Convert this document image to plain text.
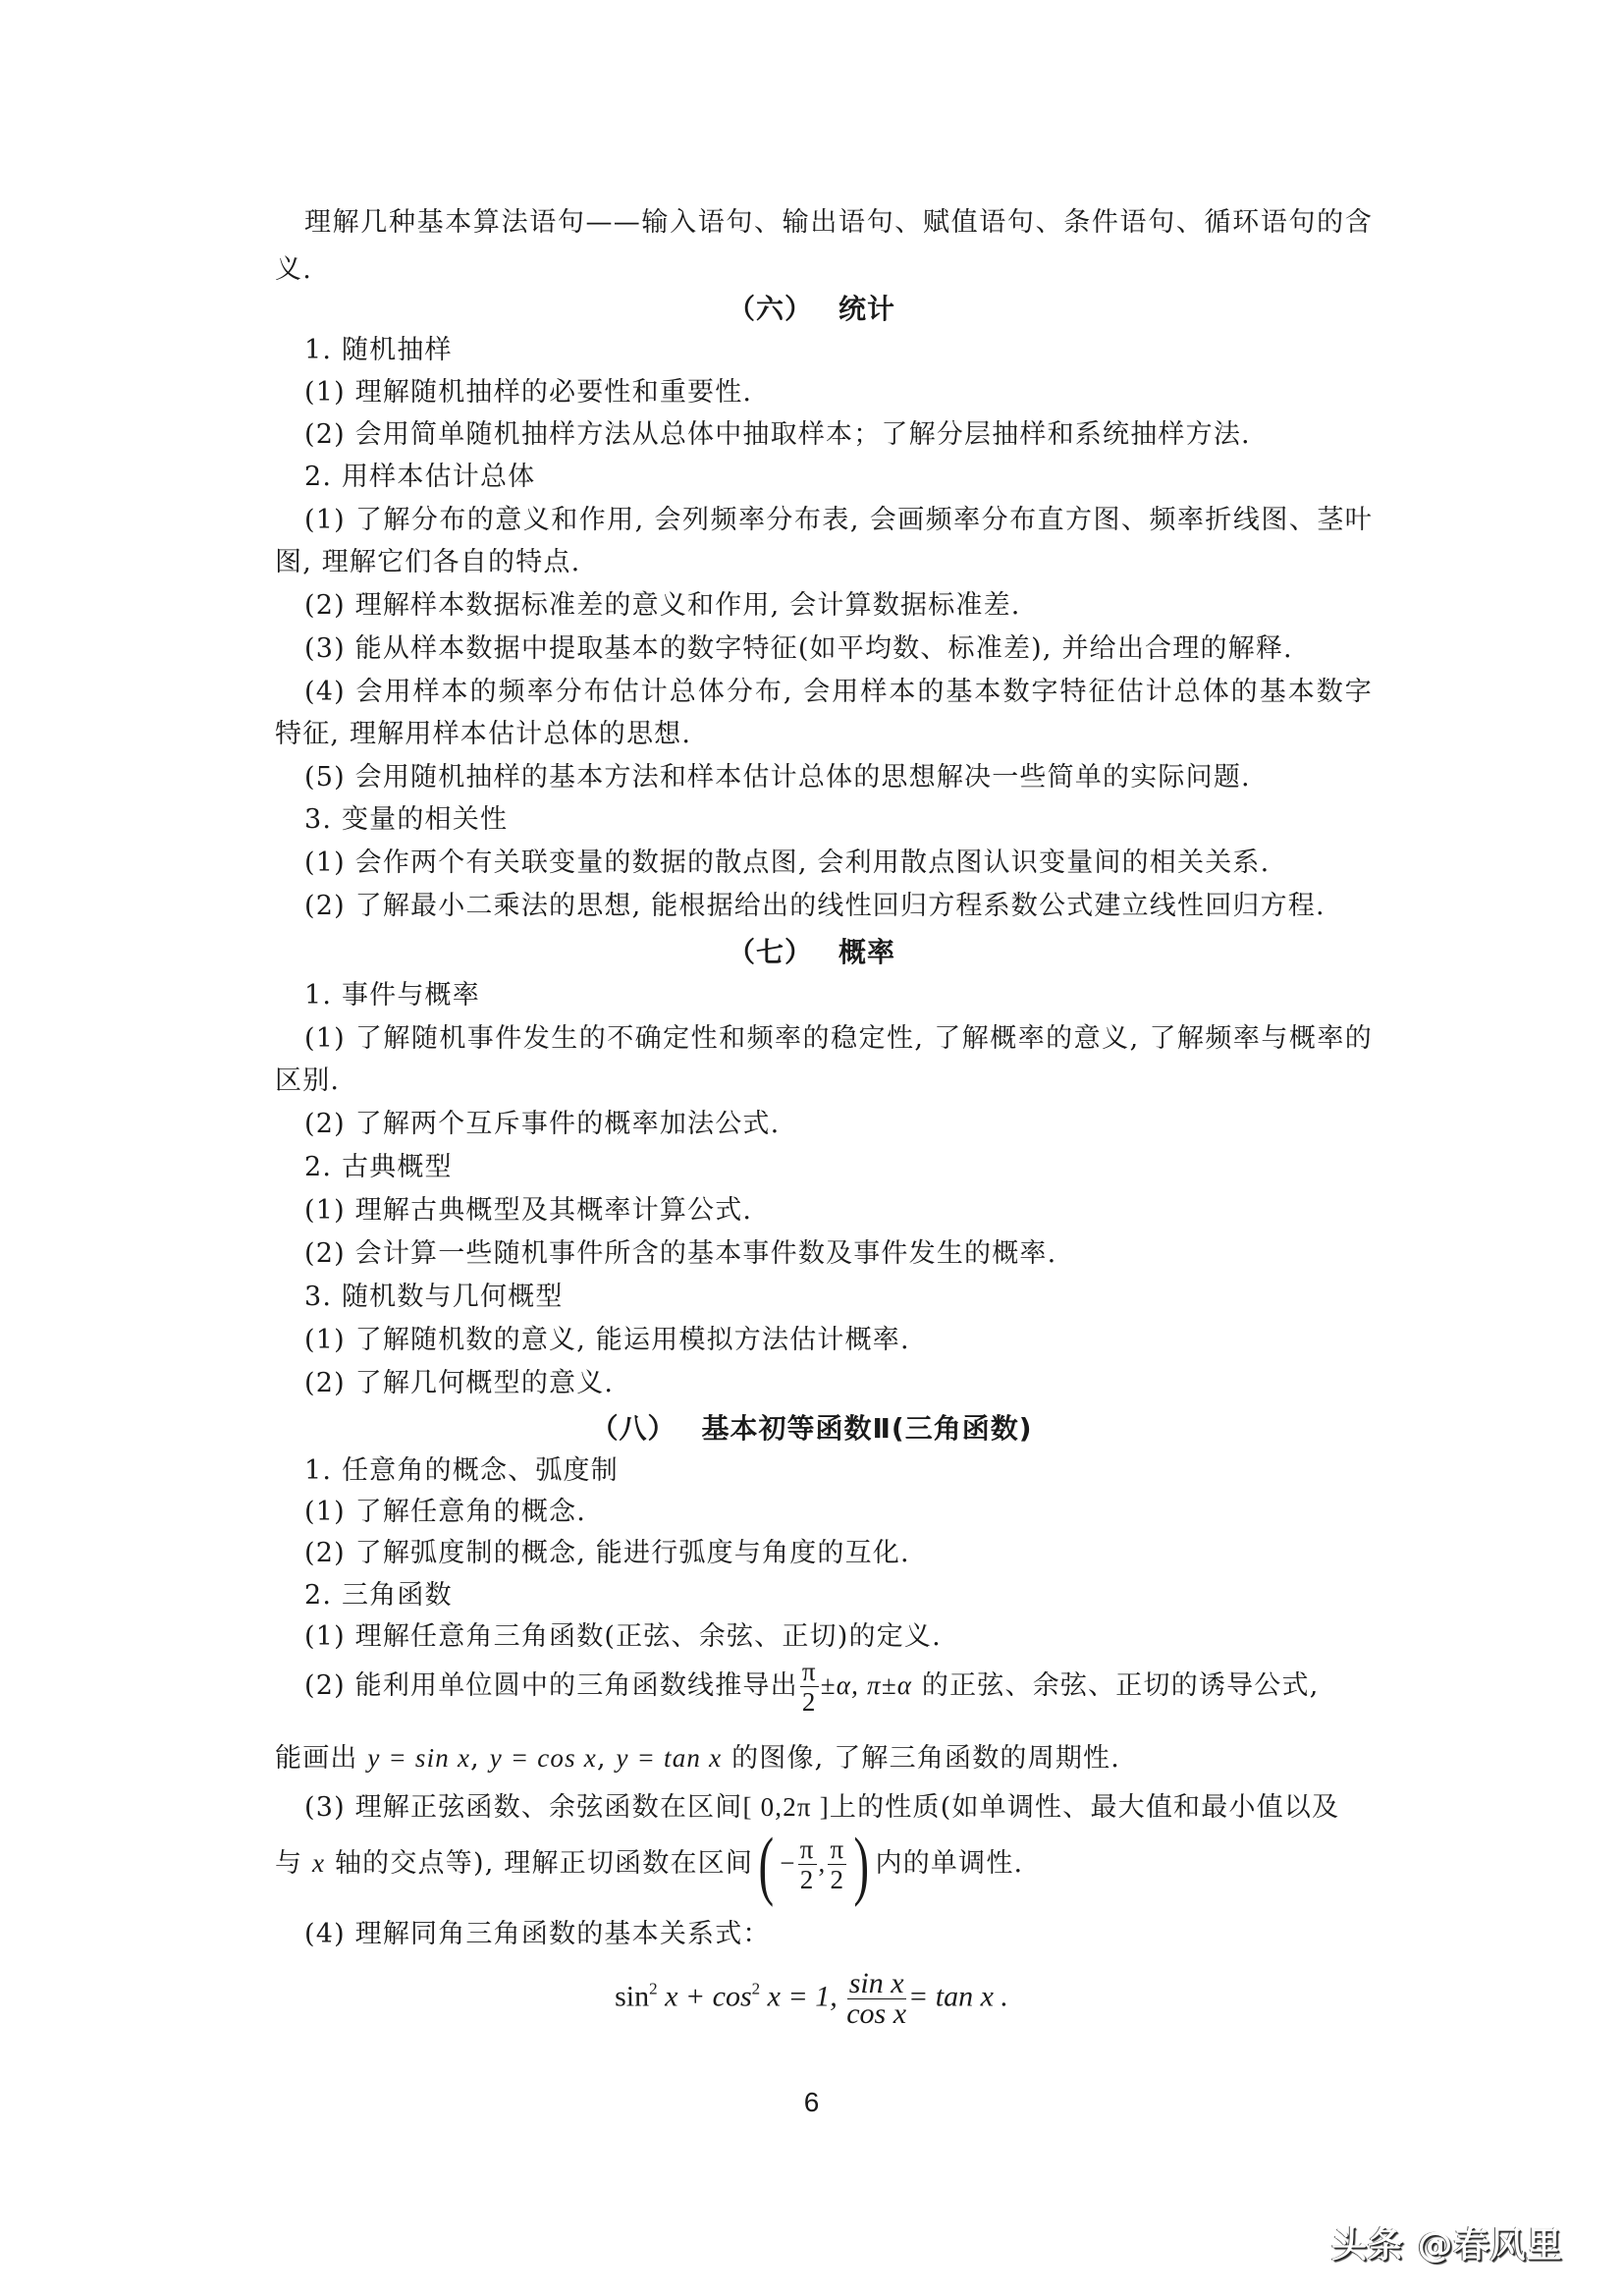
理解几种基本算法语句——输入语句、输出语句、赋值语句、条件语句、循环语句的含
义.
（六） 统计
1. 随机抽样
(1) 理解随机抽样的必要性和重要性.
(2) 会用简单随机抽样方法从总体中抽取样本；了解分层抽样和系统抽样方法.
2. 用样本估计总体
(1) 了解分布的意义和作用, 会列频率分布表, 会画频率分布直方图、频率折线图、茎叶
图, 理解它们各自的特点.
(2) 理解样本数据标准差的意义和作用, 会计算数据标准差.
(3) 能从样本数据中提取基本的数字特征(如平均数、标准差), 并给出合理的解释.
(4) 会用样本的频率分布估计总体分布, 会用样本的基本数字特征估计总体的基本数字
特征, 理解用样本估计总体的思想.
(5) 会用随机抽样的基本方法和样本估计总体的思想解决一些简单的实际问题.
3. 变量的相关性
(1) 会作两个有关联变量的数据的散点图, 会利用散点图认识变量间的相关关系.
(2) 了解最小二乘法的思想, 能根据给出的线性回归方程系数公式建立线性回归方程.
（七） 概率
1. 事件与概率
(1) 了解随机事件发生的不确定性和频率的稳定性, 了解概率的意义, 了解频率与概率的
区别.
(2) 了解两个互斥事件的概率加法公式.
2. 古典概型
(1) 理解古典概型及其概率计算公式.
(2) 会计算一些随机事件所含的基本事件数及事件发生的概率.
3. 随机数与几何概型
(1) 了解随机数的意义, 能运用模拟方法估计概率.
(2) 了解几何概型的意义.
（八） 基本初等函数Ⅱ(三角函数)
1. 任意角的概念、弧度制
(1) 了解任意角的概念.
(2) 了解弧度制的概念, 能进行弧度与角度的互化.
2. 三角函数
(1) 理解任意角三角函数(正弦、余弦、正切)的定义.
(2) 能利用单位圆中的三角函数线推导出 $\frac{\pi}{2} \pm\alpha$, π±α 的正弦、余弦、正切的诱导公式,
能画出 y = sin x, y = cos x, y = tan x 的图像, 了解三角函数的周期性.
(3) 理解正弦函数、余弦函数在区间[ 0,2π ]上的性质(如单调性、最大值和最小值以及
与 x 轴的交点等), 理解正切函数在区间( − $\frac{\pi}{2}$ , $\frac{\pi}{2}$ ) 内的单调性.
(4) 理解同角三角函数的基本关系式：
$\sin^2 x + \cos^2 x = 1$, $\frac{\text{sin x}}{\text{cos x}} = \tan x$ .
6
头条 @春风里
